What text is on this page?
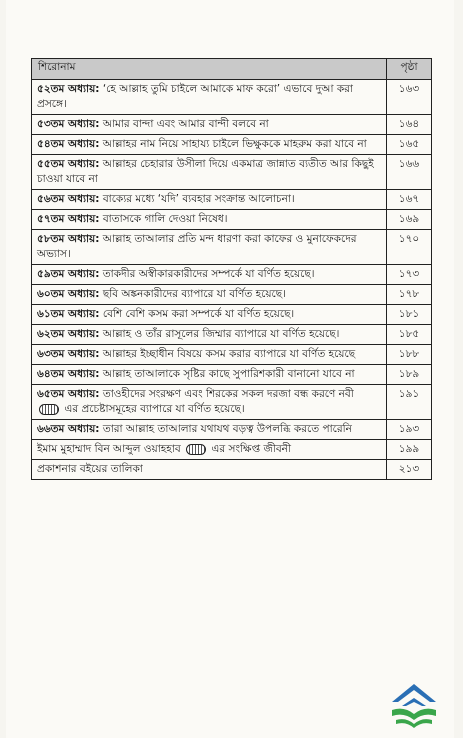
শিরোনাম	পৃষ্ঠা
৫২তম অধ্যায়: ‘হে আল্লাহ তুমি চাইলে আমাকে মাফ করো’ এভাবে দুআ করা প্রসঙ্গে।	১৬৩
৫৩তম অধ্যায়: আমার বান্দা এবং আমার বান্দী বলবে না	১৬৪
৫৪তম অধ্যায়: আল্লাহর নাম নিয়ে সাহায্য চাইলে ভিক্ষুককে মাহরুম করা যাবে না	১৬৫
৫৫তম অধ্যায়: আল্লাহর চেহারার উসীলা দিয়ে একমাত্র জান্নাত ব্যতীত আর কিছুই চাওয়া যাবে না	১৬৬
৫৬তম অধ্যায়: বাক্যের মধ্যে ‘যদি’ ব্যবহার সংক্রান্ত আলোচনা।	১৬৭
৫৭তম অধ্যায়: বাতাসকে গালি দেওয়া নিষেধ।	১৬৯
৫৮তম অধ্যায়: আল্লাহ তাআলার প্রতি মন্দ ধারণা করা কাফের ও মুনাফেকদের অভ্যাস।	১৭০
৫৯তম অধ্যায়: তাকদীর অস্বীকারকারীদের সম্পর্কে যা বর্ণিত হয়েছে।	১৭৩
৬০তম অধ্যায়: ছবি অঙ্কনকারীদের ব্যাপারে যা বর্ণিত হয়েছে।	১৭৮
৬১তম অধ্যায়: বেশি বেশি কসম করা সম্পর্কে যা বর্ণিত হয়েছে।	১৮১
৬২তম অধ্যায়: আল্লাহ ও তাঁর রাসূলের জিম্মার ব্যাপারে যা বর্ণিত হয়েছে।	১৮৫
৬৩তম অধ্যায়: আল্লাহর ইচ্ছাধীন বিষয়ে কসম করার ব্যাপারে যা বর্ণিত হয়েছে	১৮৮
৬৪তম অধ্যায়: আল্লাহ তাআলাকে সৃষ্টির কাছে সুপারিশকারী বানানো যাবে না	১৮৯
৬৫তম অধ্যায়: তাওহীদের সংরক্ষণ এবং শিরকের সকল দরজা বন্ধ করণে নবী  এর প্রচেষ্টাসমূহের ব্যাপারে যা বর্ণিত হয়েছে।	১৯১
৬৬তম অধ্যায়: তারা আল্লাহ তাআলার যথাযথ বড়ত্ব উপলব্ধি করতে পারেনি	১৯৩
ইমাম মুহাম্মাদ বিন আব্দুল ওয়াহহাব এর সংক্ষিপ্ত জীবনী	১৯৯
প্রকাশনার বইয়ের তালিকা	২১৩
